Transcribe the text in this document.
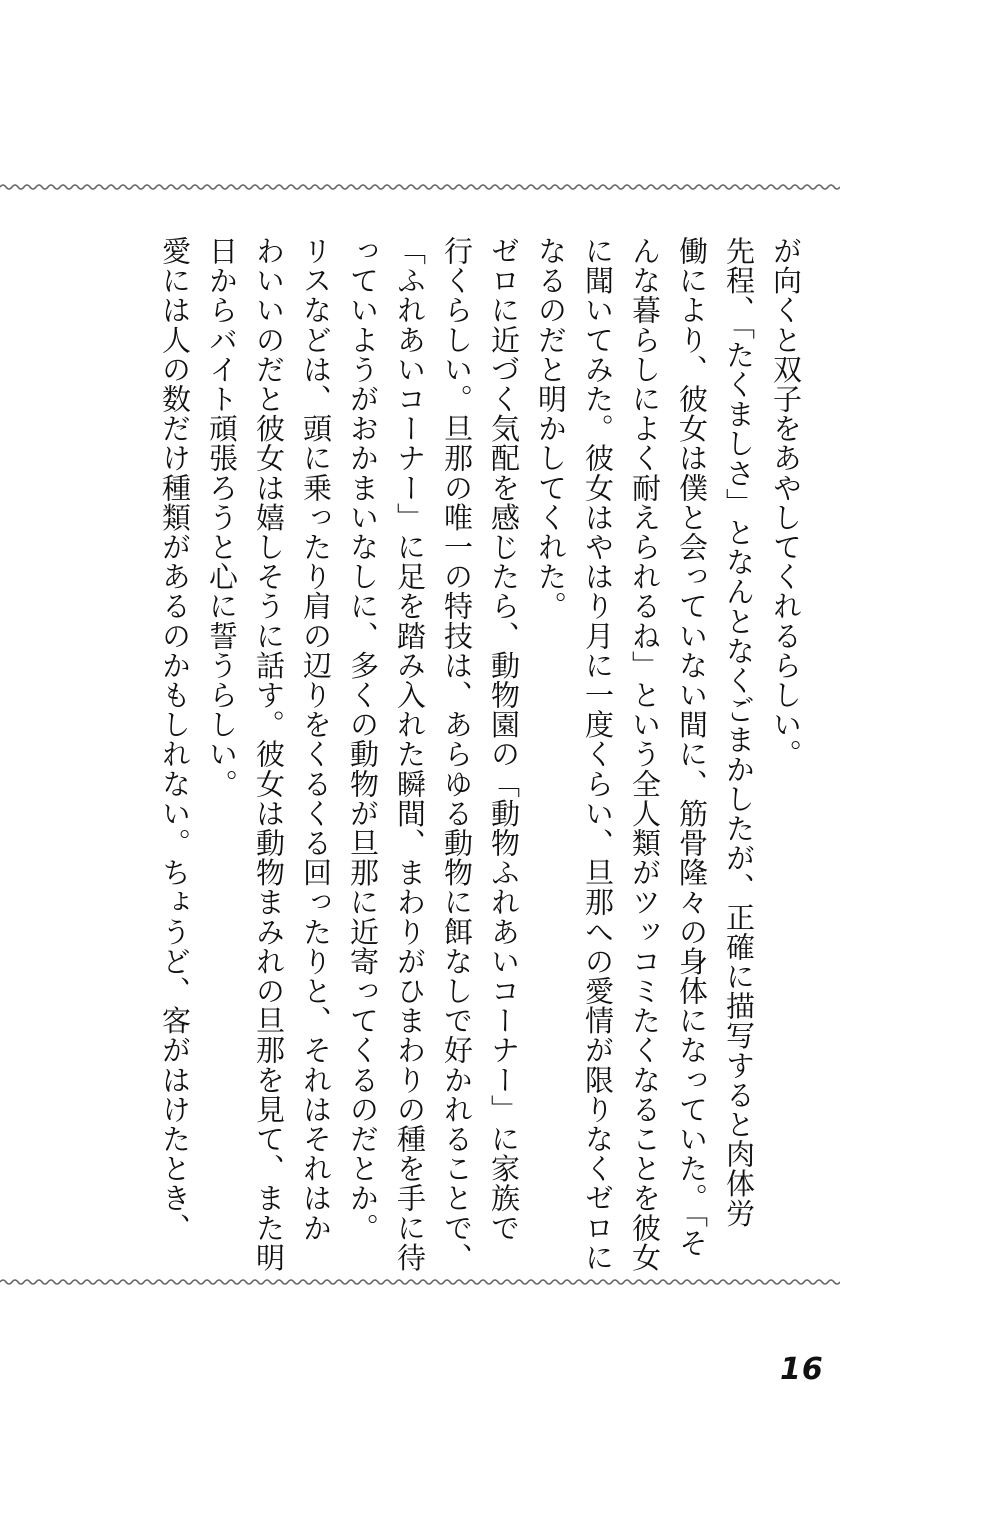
が向くと双子をあやしてくれるらしい。

先程、「たくましさ」となんとなくごまかしたが、正確に描写すると肉体労

働により、彼女は僕と会っていない間に、筋骨隆々の身体になっていた。「そ

んな暮らしによく耐えられるね」という全人類がツッコミたくなることを彼女

に聞いてみた。彼女はやはり月に一度くらい、旦那への愛情が限りなくゼロに

なるのだと明かしてくれた。

ゼロに近づく気配を感じたら、動物園の「動物ふれあいコーナー」に家族で

行くらしい。旦那の唯一の特技は、あらゆる動物に餌なしで好かれることで、

「ふれあいコーナー」に足を踏み入れた瞬間、まわりがひまわりの種を手に待

っていようがおかまいなしに、多くの動物が旦那に近寄ってくるのだとか。

リスなどは、頭に乗ったり肩の辺りをくるくる回ったりと、それはそれはか

わいいのだと彼女は嬉しそうに話す。彼女は動物まみれの旦那を見て、また明

日からバイト頑張ろうと心に誓うらしい。

愛には人の数だけ種類があるのかもしれない。ちょうど、客がはけたとき、

16
